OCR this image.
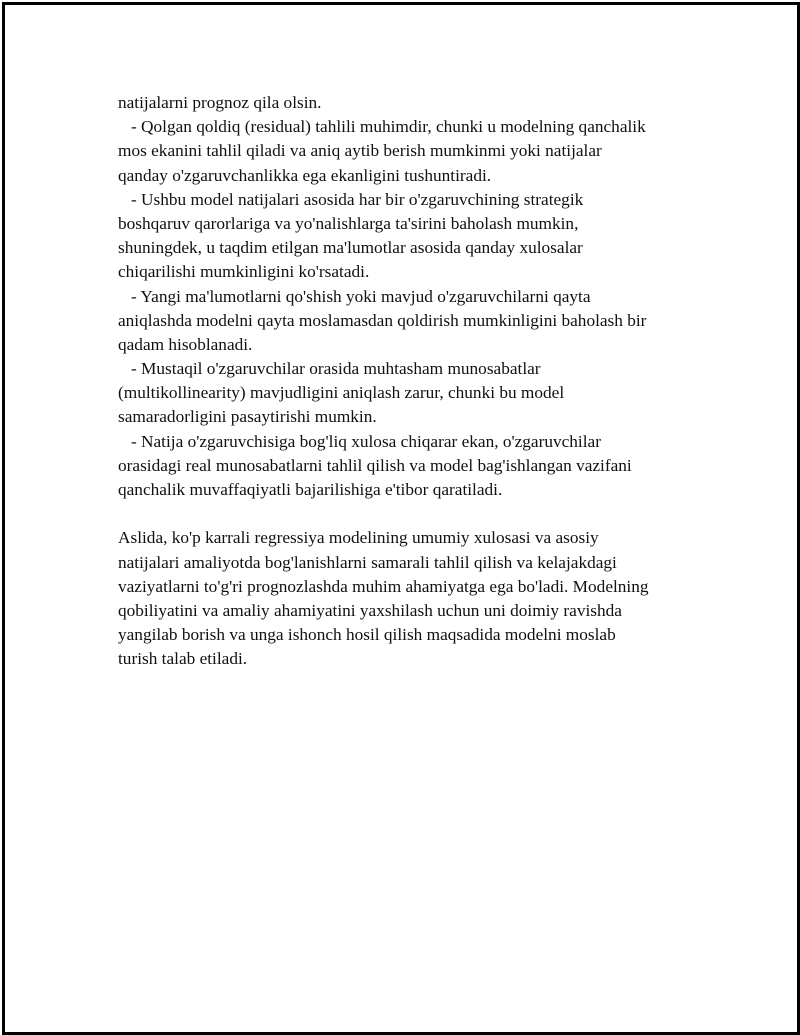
natijalarni prognoz qila olsin.
- Qolgan qoldiq (residual) tahlili muhimdir, chunki u modelning qanchalik
mos ekanini tahlil qiladi va aniq aytib berish mumkinmi yoki natijalar
qanday o'zgaruvchanlikka ega ekanligini tushuntiradi.
- Ushbu model natijalari asosida har bir o'zgaruvchining strategik
boshqaruv qarorlariga va yo'nalishlarga ta'sirini baholash mumkin,
shuningdek, u taqdim etilgan ma'lumotlar asosida qanday xulosalar
chiqarilishi mumkinligini ko'rsatadi.
- Yangi ma'lumotlarni qo'shish yoki mavjud o'zgaruvchilarni qayta
aniqlashda modelni qayta moslamasdan qoldirish mumkinligini baholash bir
qadam hisoblanadi.
- Mustaqil o'zgaruvchilar orasida muhtasham munosabatlar
(multikollinearity) mavjudligini aniqlash zarur, chunki bu model
samaradorligini pasaytirishi mumkin.
- Natija o'zgaruvchisiga bog'liq xulosa chiqarar ekan, o'zgaruvchilar
orasidagi real munosabatlarni tahlil qilish va model bag'ishlangan vazifani
qanchalik muvaffaqiyatli bajarilishiga e'tibor qaratiladi.
Aslida, ko'p karrali regressiya modelining umumiy xulosasi va asosiy
natijalari amaliyotda bog'lanishlarni samarali tahlil qilish va kelajakdagi
vaziyatlarni to'g'ri prognozlashda muhim ahamiyatga ega bo'ladi. Modelning
qobiliyatini va amaliy ahamiyatini yaxshilash uchun uni doimiy ravishda
yangilab borish va unga ishonch hosil qilish maqsadida modelni moslab
turish talab etiladi.
